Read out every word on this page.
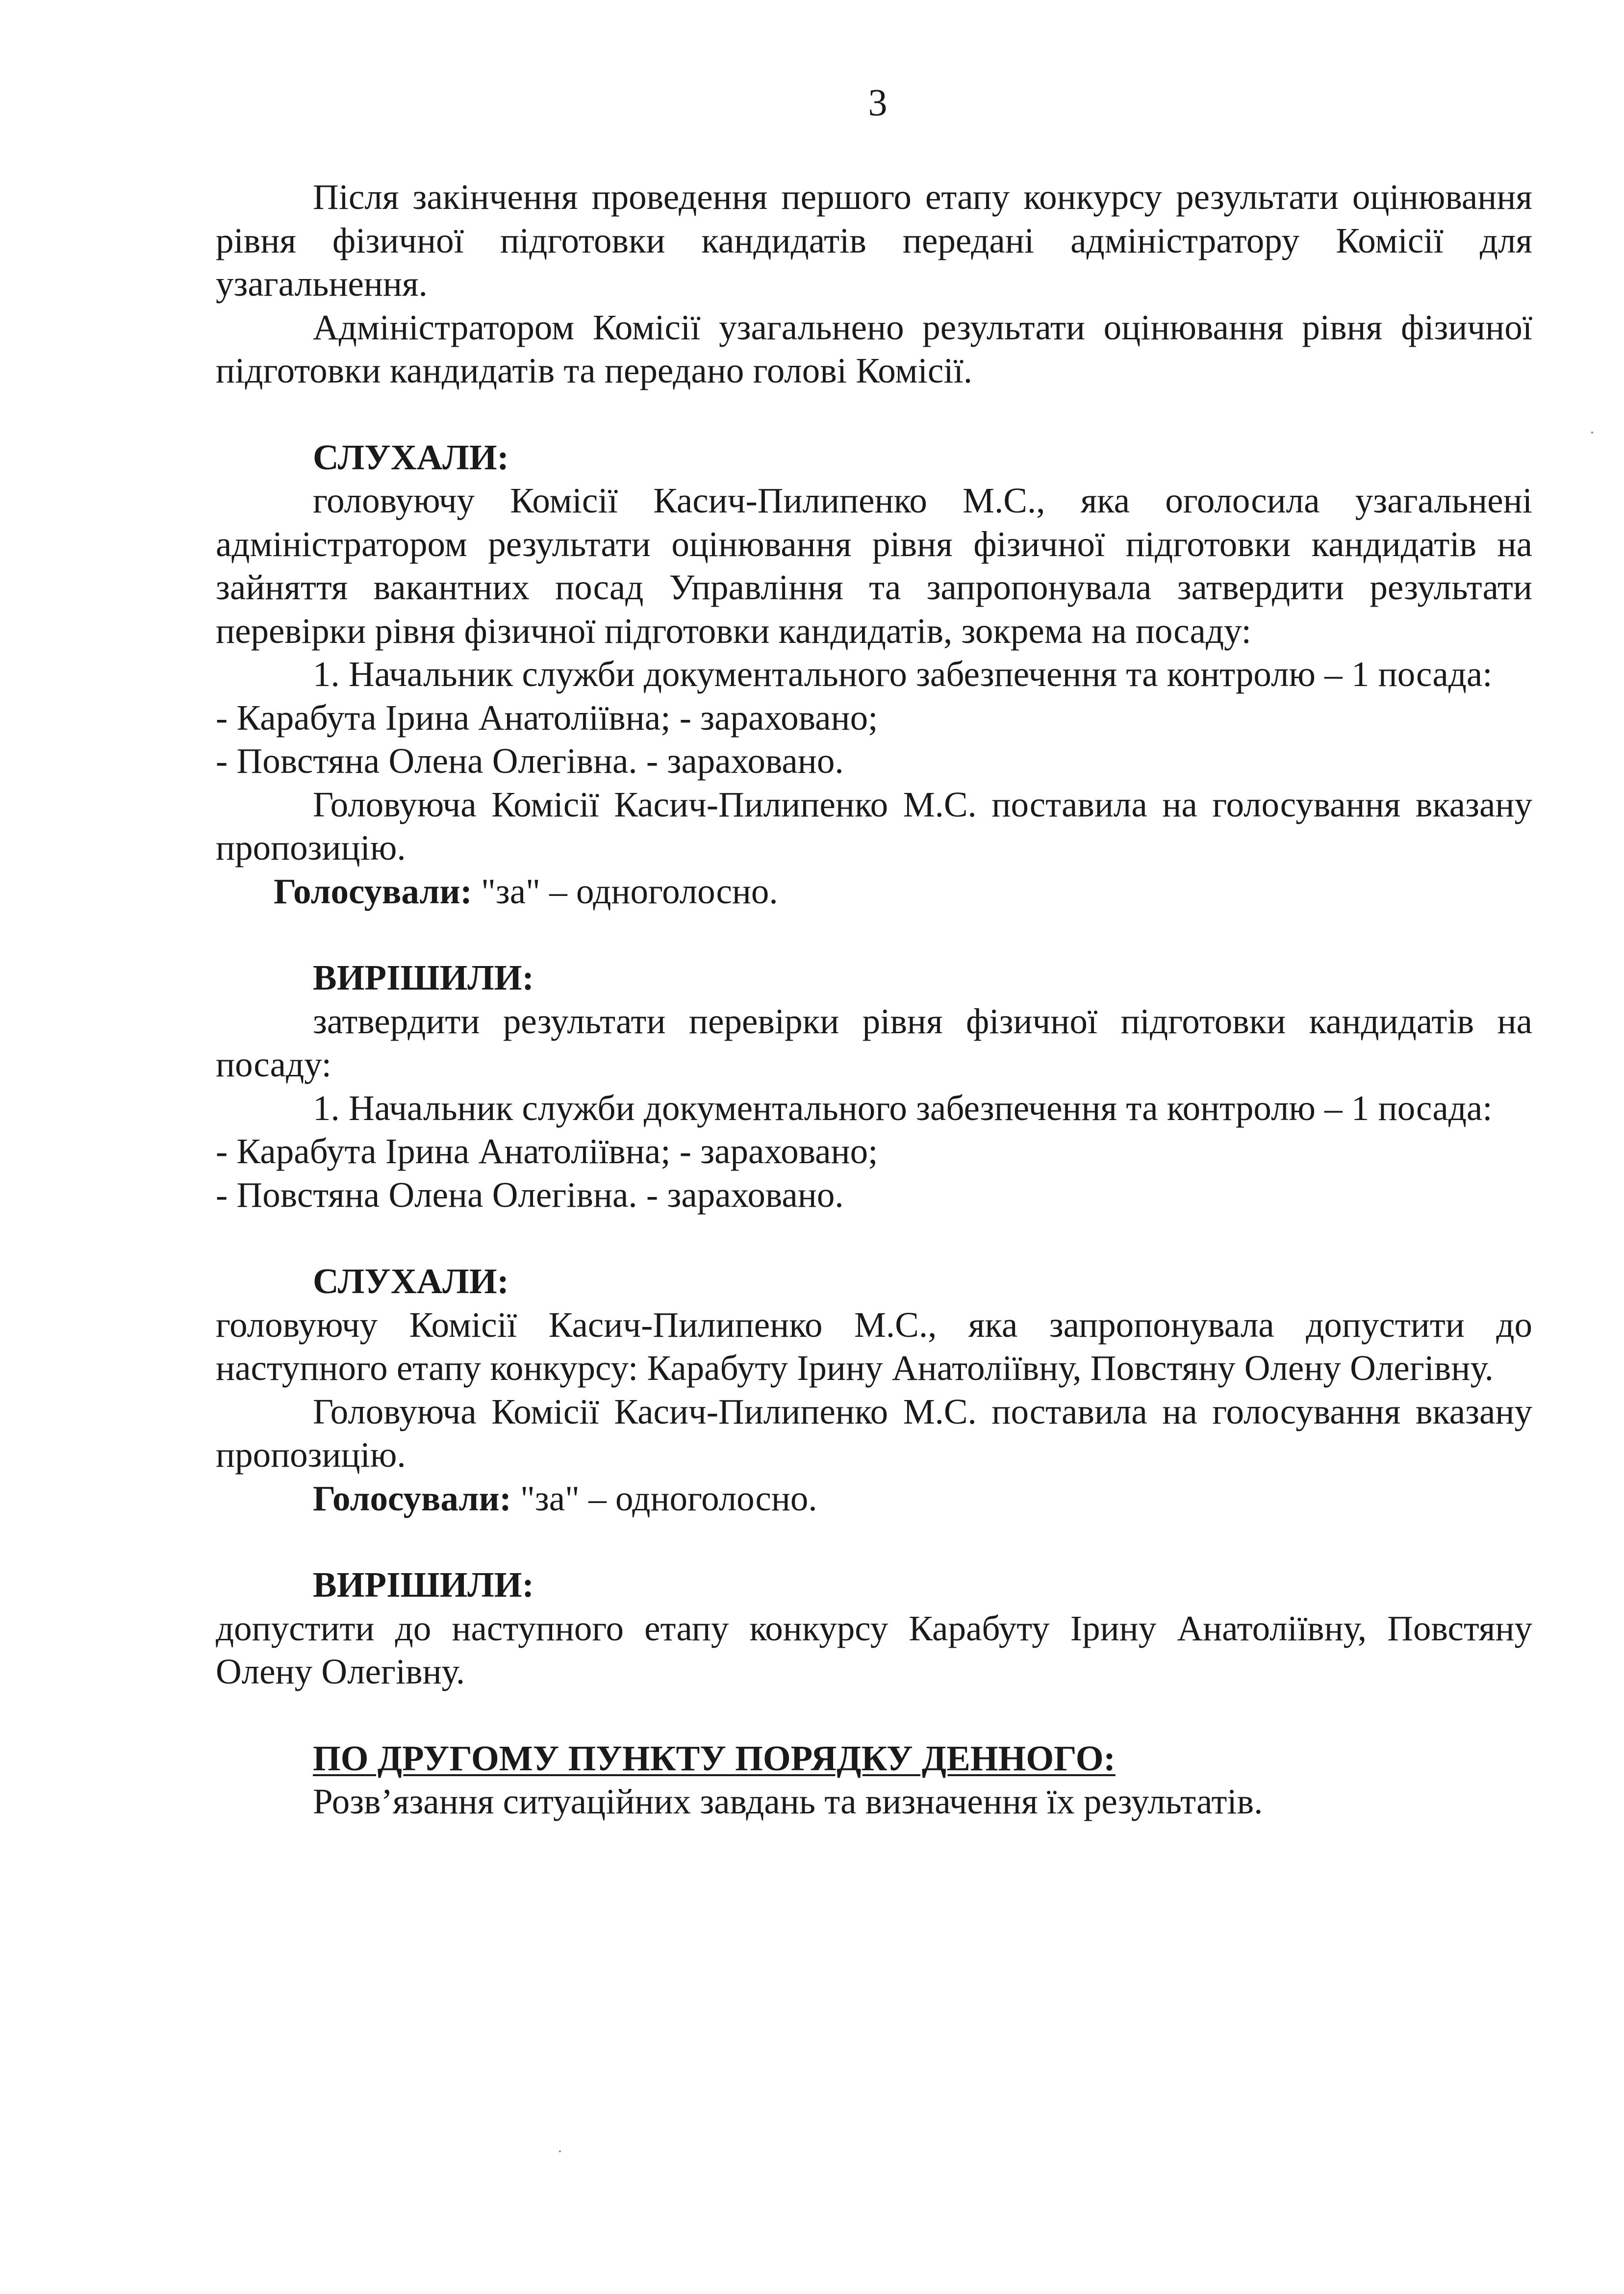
3

Після закінчення проведення першого етапу конкурсу результати оцінювання рівня фізичної підготовки кандидатів передані адміністратору Комісії для узагальнення.

Адміністратором Комісії узагальнено результати оцінювання рівня фізичної підготовки кандидатів та передано голові Комісії.

СЛУХАЛИ:

головуючу Комісії Касич-Пилипенко М.С., яка оголосила узагальнені адміністратором результати оцінювання рівня фізичної підготовки кандидатів на зайняття вакантних посад Управління та запропонувала затвердити результати перевірки рівня фізичної підготовки кандидатів, зокрема на посаду:

1. Начальник служби документального забезпечення та контролю – 1 посада:

- Карабута Ірина Анатоліївна; - зараховано;

- Повстяна Олена Олегівна. - зараховано.

Головуюча Комісії Касич-Пилипенко М.С. поставила на голосування вказану пропозицію.

Голосували: "за" – одноголосно.

ВИРІШИЛИ:

затвердити результати перевірки рівня фізичної підготовки кандидатів на посаду:

1. Начальник служби документального забезпечення та контролю – 1 посада:

- Карабута Ірина Анатоліївна; - зараховано;

- Повстяна Олена Олегівна. - зараховано.

СЛУХАЛИ:

головуючу Комісії Касич-Пилипенко М.С., яка запропонувала допустити до наступного етапу конкурсу: Карабуту Ірину Анатоліївну, Повстяну Олену Олегівну.

Головуюча Комісії Касич-Пилипенко М.С. поставила на голосування вказану пропозицію.

Голосували: "за" – одноголосно.

ВИРІШИЛИ:

допустити до наступного етапу конкурсу Карабуту Ірину Анатоліївну, Повстяну Олену Олегівну.

ПО ДРУГОМУ ПУНКТУ ПОРЯДКУ ДЕННОГО:

Розв’язання ситуаційних завдань та визначення їх результатів.
